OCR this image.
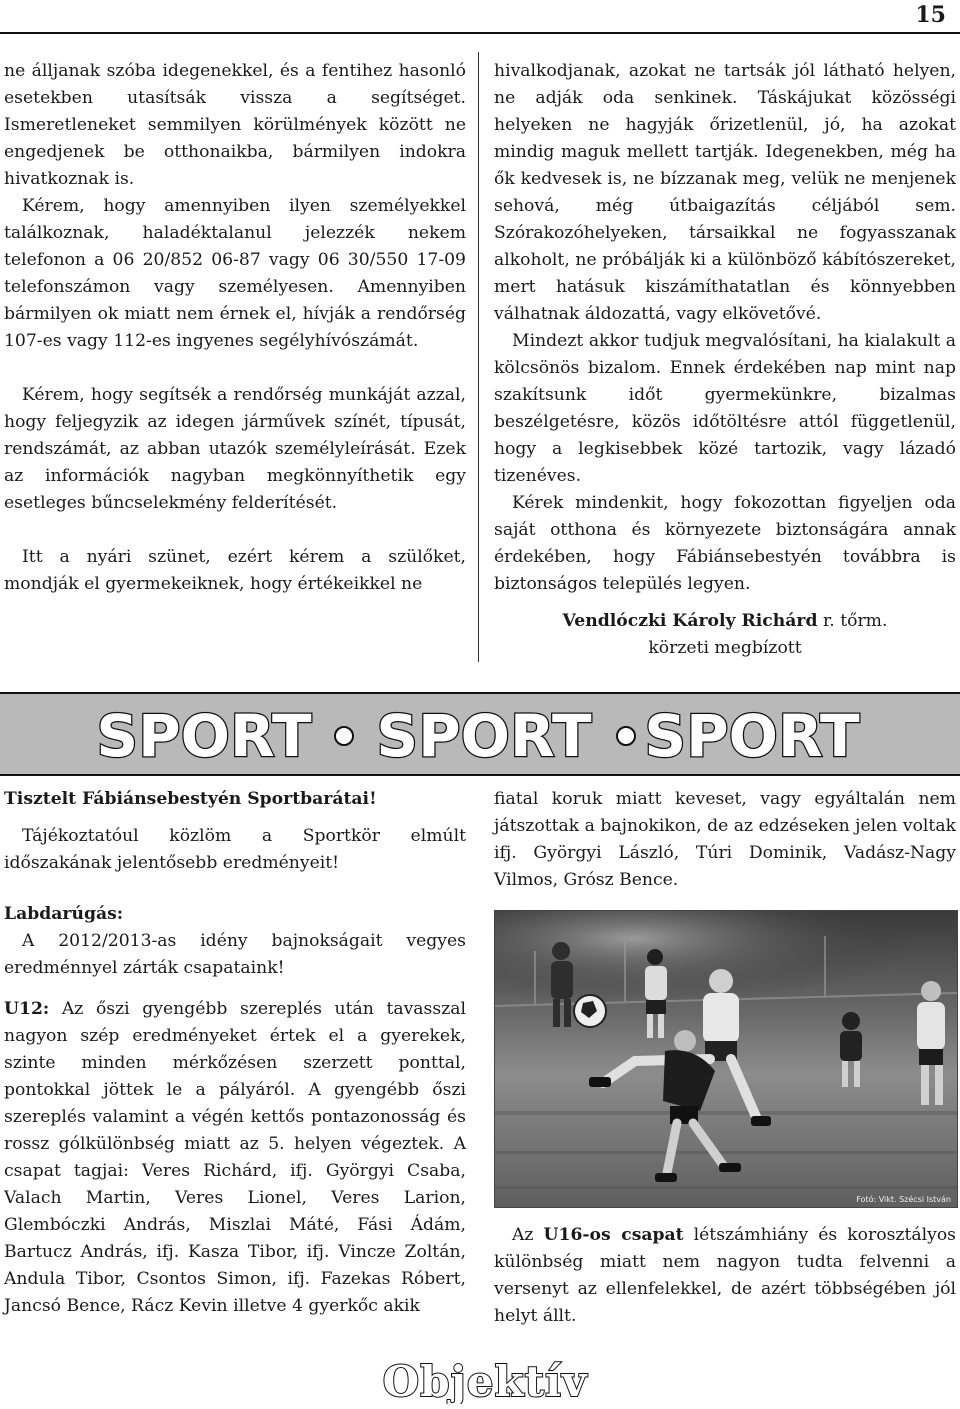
15

ne álljanak szóba idegenekkel, és a fentihez hasonló esetekben utasítsák vissza a segítséget. Ismeretleneket semmilyen körülmények között ne engedjenek be otthonaikba, bármilyen indokra hivatkoznak is.

Kérem, hogy amennyiben ilyen személyekkel találkoznak, haladéktalanul jelezzék nekem telefonon a 06 20/852 06-87 vagy 06 30/550 17-09 telefonszámon vagy személyesen. Amennyiben bármilyen ok miatt nem érnek el, hívják a rendőrség 107-es vagy 112-es ingyenes segélyhívószámát.

Kérem, hogy segítsék a rendőrség munkáját azzal, hogy feljegyzik az idegen járművek színét, típusát, rendszámát, az abban utazók személyleírását. Ezek az információk nagyban megkönnyíthetik egy esetleges bűncselekmény felderítését.

Itt a nyári szünet, ezért kérem a szülőket, mondják el gyermekeiknek, hogy értékeikkel ne

hivalkodjanak, azokat ne tartsák jól látható helyen, ne adják oda senkinek. Táskájukat közösségi helyeken ne hagyják őrizetlenül, jó, ha azokat mindig maguk mellett tartják. Idegenekben, még ha ők kedvesek is, ne bízzanak meg, velük ne menjenek sehová, még útbaigazítás céljából sem. Szórakozóhelyeken, társaikkal ne fogyasszanak alkoholt, ne próbálják ki a különböző kábítószereket, mert hatásuk kiszámíthatatlan és könnyebben válhatnak áldozattá, vagy elkövetővé.

Mindezt akkor tudjuk megvalósítani, ha kialakult a kölcsönös bizalom. Ennek érdekében nap mint nap szakítsunk időt gyermekünkre, bizalmas beszélgetésre, közös időtöltésre attól függetlenül, hogy a legkisebbek közé tartozik, vagy lázadó tizenéves.

Kérek mindenkit, hogy fokozottan figyeljen oda saját otthona és környezete biztonságára annak érdekében, hogy Fábiánsebestyén továbbra is biztonságos település legyen.

Vendlóczki Károly Richárd r. tőrm.
körzeti megbízott
SPORT SPORT SPORT

Tisztelt Fábiánsebestyén Sportbarátai!

Tájékoztatóul közlöm a Sportkör elmúlt időszakának jelentősebb eredményeit!

Labdarúgás:

A 2012/2013-as idény bajnokságait vegyes eredménnyel zárták csapataink!

U12: Az őszi gyengébb szereplés után tavasszal nagyon szép eredményeket értek el a gyerekek, szinte minden mérkőzésen szerzett ponttal, pontokkal jöttek le a pályáról. A gyengébb őszi szereplés valamint a végén kettős pontazonosság és rossz gólkülönbség miatt az 5. helyen végeztek. A csapat tagjai: Veres Richárd, ifj. Györgyi Csaba, Valach Martin, Veres Lionel, Veres Larion, Glembóczki András, Miszlai Máté, Fási Ádám, Bartucz András, ifj. Kasza Tibor, ifj. Vincze Zoltán, Andula Tibor, Csontos Simon, ifj. Fazekas Róbert, Jancsó Bence, Rácz Kevin illetve 4 gyerkőc akik

fiatal koruk miatt keveset, vagy egyáltalán nem játszottak a bajnokikon, de az edzéseken jelen voltak ifj. Györgyi László, Túri Dominik, Vadász-Nagy Vilmos, Grósz Bence.

Fotó: Vikt. Szécsi István

Az U16-os csapat létszámhiány és korosztályos különbség miatt nem nagyon tudta felvenni a versenyt az ellenfelekkel, de azért többségében jól helyt állt.

Objektív
